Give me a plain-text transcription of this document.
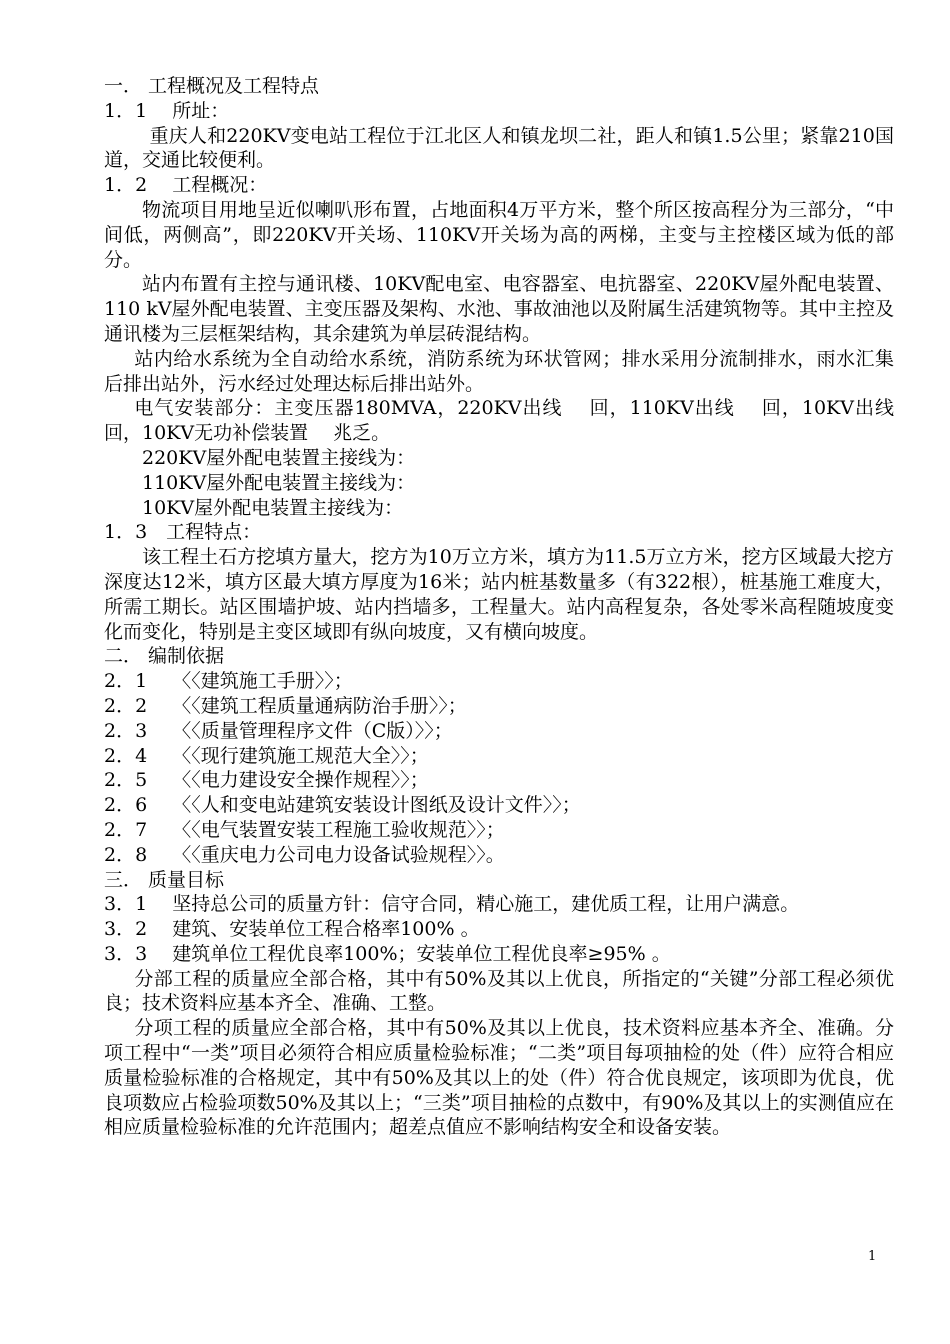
一． 工程概况及工程特点
1．1　 所址：
重庆人和220KV变电站工程位于江北区人和镇龙坝二社，距人和镇1.5公里；紧靠210国道，交通比较便利。
1．2　 工程概况：
物流项目用地呈近似喇叭形布置，占地面积4万平方米，整个所区按高程分为三部分，“中间低，两侧高”，即220KV开关场、110KV开关场为高的两梯，主变与主控楼区域为低的部分。
站内布置有主控与通讯楼、10KV配电室、电容器室、电抗器室、220KV屋外配电装置、110 kV屋外配电装置、主变压器及架构、水池、事故油池以及附属生活建筑物等。其中主控及通讯楼为三层框架结构，其余建筑为单层砖混结构。
站内给水系统为全自动给水系统，消防系统为环状管网；排水采用分流制排水，雨水汇集后排出站外，污水经过处理达标后排出站外。
电气安装部分：主变压器180MVA，220KV出线　 回，110KV出线　 回，10KV出线　 回，10KV无功补偿装置　 兆乏。
220KV屋外配电装置主接线为：
110KV屋外配电装置主接线为：
10KV屋外配电装置主接线为：
1．3　工程特点：
该工程土石方挖填方量大，挖方为10万立方米，填方为11.5万立方米，挖方区域最大挖方深度达12米，填方区最大填方厚度为16米；站内桩基数量多（有322根），桩基施工难度大，所需工期长。站区围墙护坡、站内挡墙多，工程量大。站内高程复杂，各处零米高程随坡度变化而变化，特别是主变区域即有纵向坡度，又有横向坡度。
二． 编制依据
2．1　 〈〈建筑施工手册〉〉；
2．2　 〈〈建筑工程质量通病防治手册〉〉；
2．3　 〈〈质量管理程序文件（C版）〉〉；
2．4　 〈〈现行建筑施工规范大全〉〉；
2．5　 〈〈电力建设安全操作规程〉〉；
2．6　 〈〈人和变电站建筑安装设计图纸及设计文件〉〉；
2．7　 〈〈电气装置安装工程施工验收规范〉〉；
2．8　 〈〈重庆电力公司电力设备试验规程〉〉。
三． 质量目标
3．1　 坚持总公司的质量方针：信守合同，精心施工，建优质工程，让用户满意。
3．2　 建筑、安装单位工程合格率100% 。
3．3　 建筑单位工程优良率100%；安装单位工程优良率≥95% 。
分部工程的质量应全部合格，其中有50%及其以上优良，所指定的“关键”分部工程必须优良；技术资料应基本齐全、准确、工整。
分项工程的质量应全部合格，其中有50%及其以上优良，技术资料应基本齐全、准确。分项工程中“一类”项目必须符合相应质量检验标准；“二类”项目每项抽检的处（件）应符合相应质量检验标准的合格规定，其中有50%及其以上的处（件）符合优良规定，该项即为优良，优良项数应占检验项数50%及其以上；“三类”项目抽检的点数中，有90%及其以上的实测值应在相应质量检验标准的允许范围内；超差点值应不影响结构安全和设备安装。
1
